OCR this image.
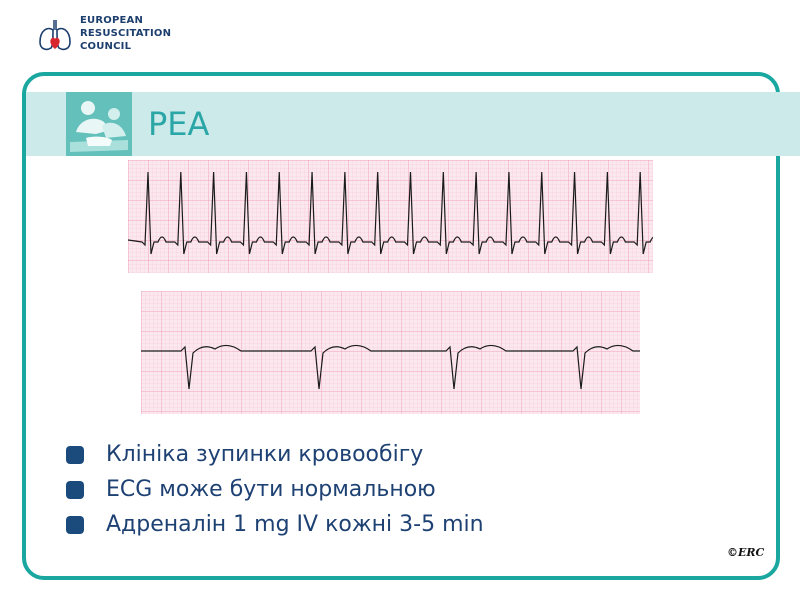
EUROPEAN
RESUSCITATION
COUNCIL
PEA
Клініка зупинки кровообігу
ECG може бути нормальною
Адреналін 1 mg IV кожні 3-5 min
©ERC
